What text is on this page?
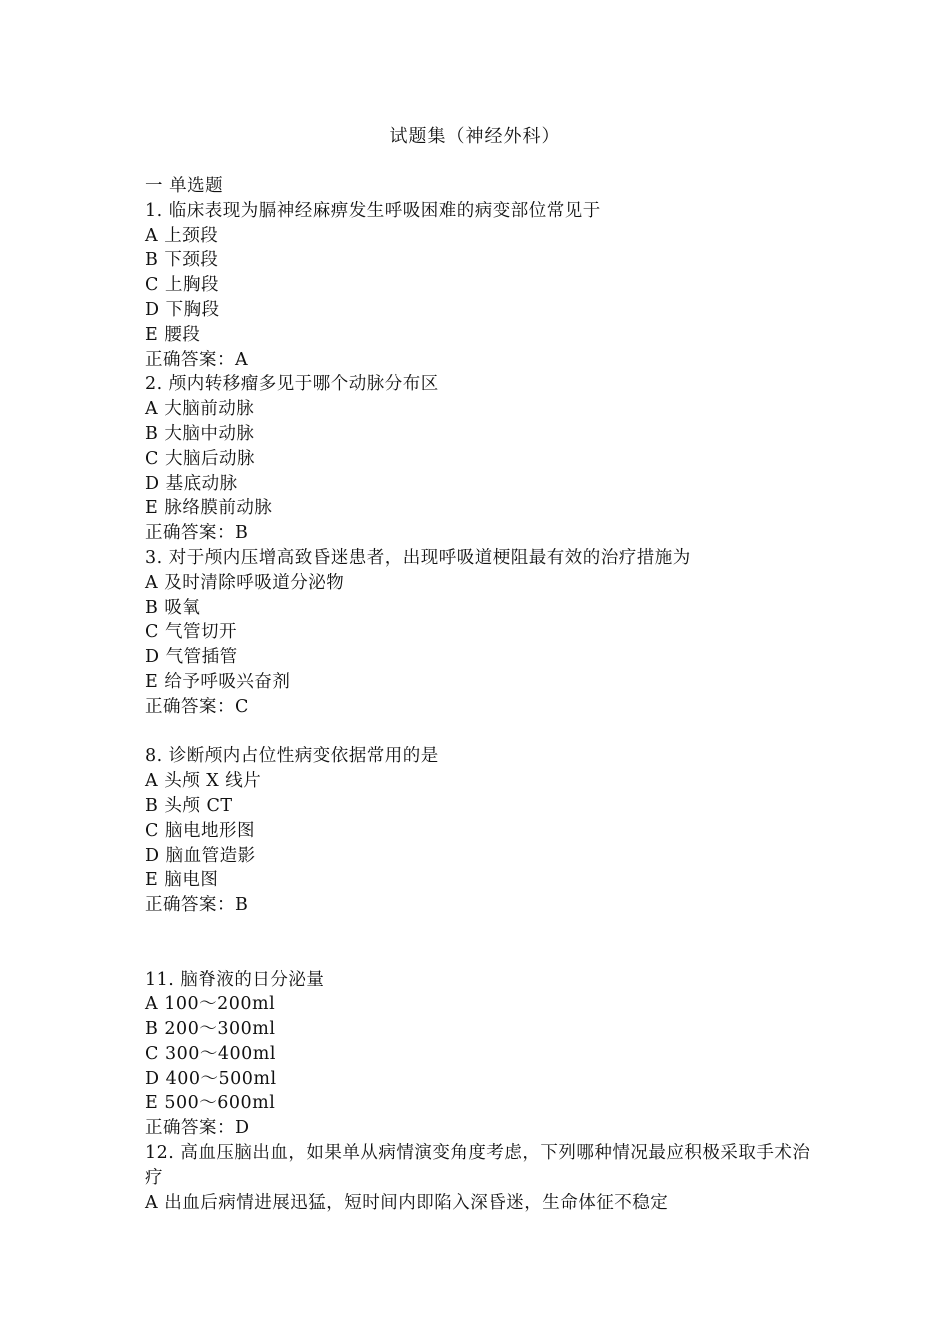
试题集（神经外科）
一 单选题
1. 临床表现为膈神经麻痹发生呼吸困难的病变部位常见于
A 上颈段
B 下颈段
C 上胸段
D 下胸段
E 腰段
正确答案：A
2. 颅内转移瘤多见于哪个动脉分布区
A 大脑前动脉
B 大脑中动脉
C 大脑后动脉
D 基底动脉
E 脉络膜前动脉
正确答案：B
3. 对于颅内压增高致昏迷患者，出现呼吸道梗阻最有效的治疗措施为
A 及时清除呼吸道分泌物
B 吸氧
C 气管切开
D 气管插管
E 给予呼吸兴奋剂
正确答案：C
8. 诊断颅内占位性病变依据常用的是
A 头颅 X 线片
B 头颅 CT
C 脑电地形图
D 脑血管造影
E 脑电图
正确答案：B
11. 脑脊液的日分泌量
A 100～200ml
B 200～300ml
C 300～400ml
D 400～500ml
E 500～600ml
正确答案：D
12. 高血压脑出血，如果单从病情演变角度考虑，下列哪种情况最应积极采取手术治疗
A 出血后病情进展迅猛，短时间内即陷入深昏迷，生命体征不稳定
